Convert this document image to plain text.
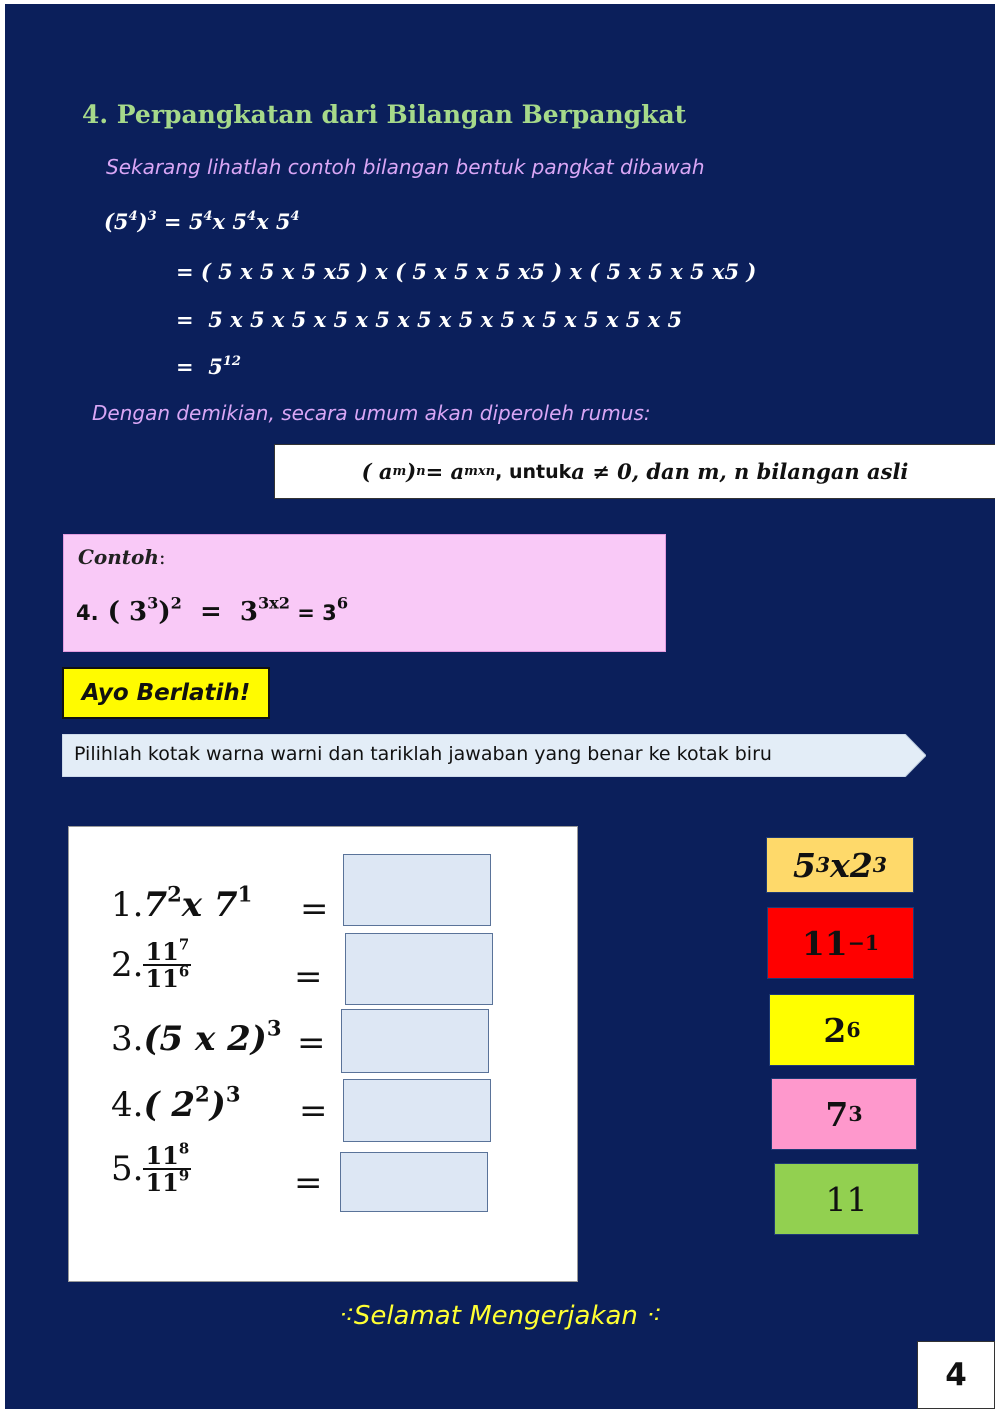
4. Perpangkatan dari Bilangan Berpangkat
Sekarang lihatlah contoh bilangan bentuk pangkat dibawah
$(5^4)^3 = 5^4x$ $5^4x$ $5^4$
= ( 5 x 5 x 5 x5 ) x ( 5 x 5 x 5 x5 ) x ( 5 x 5 x 5 x5 )
=  5 x 5 x 5 x 5 x 5 x 5 x 5 x 5 x 5 x 5 x 5 x 5
=  $5^{12}$
Dengan demikian, secara umum akan diperoleh rumus:
( a m ) n = a mxn , untuk a ≠ 0, dan m, n bilangan asli
Contoh:
4. ( $3^3)^2 = 3^{3x2} = 3^6$
Ayo Berlatih!
Pilihlah kotak warna warni dan tariklah jawaban yang benar ke kotak biru
$1.7^2x$ $7^1$ =
2. $\frac{11^7}{11^6}$	=
3.(5 x 2)$^3$ =
4.( $2^2)^3$ =
5. $\frac{11^8}{11^9}$	=
5 3 x2 3
11 −1
2 6
7 3
11
⁖Selamat Mengerjakan ⁖
4
